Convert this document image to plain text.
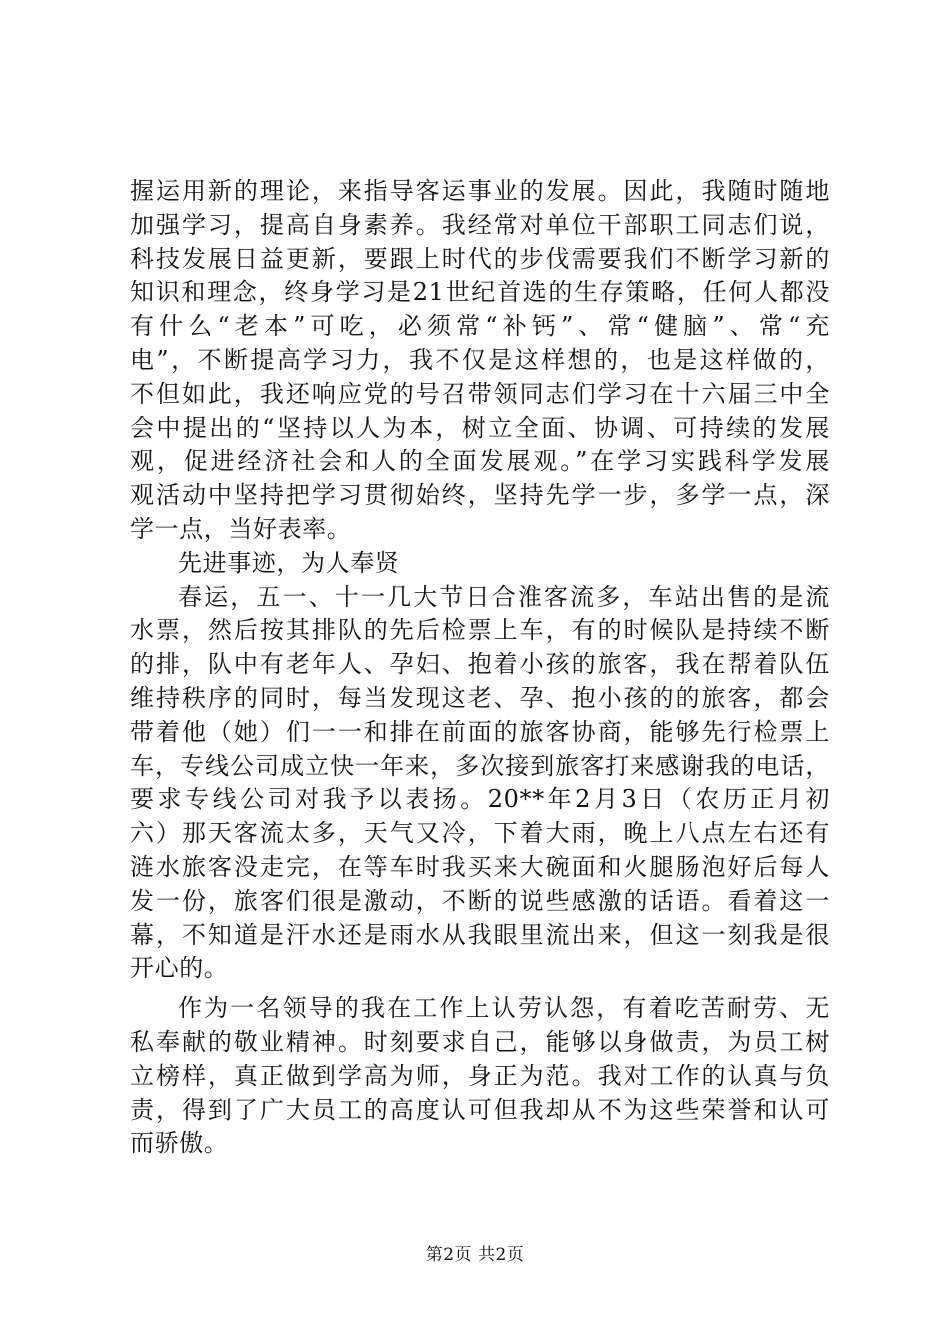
握运用新的理论，来指导客运事业的发展。因此，我随时随地
加强学习，提高自身素养。我经常对单位干部职工同志们说，
科技发展日益更新，要跟上时代的步伐需要我们不断学习新的
知识和理念，终身学习是21世纪首选的生存策略，任何人都没
有什么“老本”可吃，必须常“补钙”、常“健脑”、常“充
电”，不断提高学习力，我不仅是这样想的，也是这样做的，
不但如此，我还响应党的号召带领同志们学习在十六届三中全
会中提出的“坚持以人为本，树立全面、协调、可持续的发展
观，促进经济社会和人的全面发展观。”在学习实践科学发展
观活动中坚持把学习贯彻始终，坚持先学一步，多学一点，深
学一点，当好表率。
先进事迹，为人奉贤
春运，五一、十一几大节日合淮客流多，车站出售的是流
水票，然后按其排队的先后检票上车，有的时候队是持续不断
的排，队中有老年人、孕妇、抱着小孩的旅客，我在帮着队伍
维持秩序的同时，每当发现这老、孕、抱小孩的的旅客，都会
带着他（她）们一一和排在前面的旅客协商，能够先行检票上
车，专线公司成立快一年来，多次接到旅客打来感谢我的电话，
要求专线公司对我予以表扬。20**年2月3日（农历正月初
六）那天客流太多，天气又冷，下着大雨，晚上八点左右还有
涟水旅客没走完，在等车时我买来大碗面和火腿肠泡好后每人
发一份，旅客们很是激动，不断的说些感激的话语。看着这一
幕，不知道是汗水还是雨水从我眼里流出来，但这一刻我是很
开心的。
作为一名领导的我在工作上认劳认怨，有着吃苦耐劳、无
私奉献的敬业精神。时刻要求自己，能够以身做责，为员工树
立榜样，真正做到学高为师，身正为范。我对工作的认真与负
责，得到了广大员工的高度认可但我却从不为这些荣誉和认可
而骄傲。
第2页 共2页
